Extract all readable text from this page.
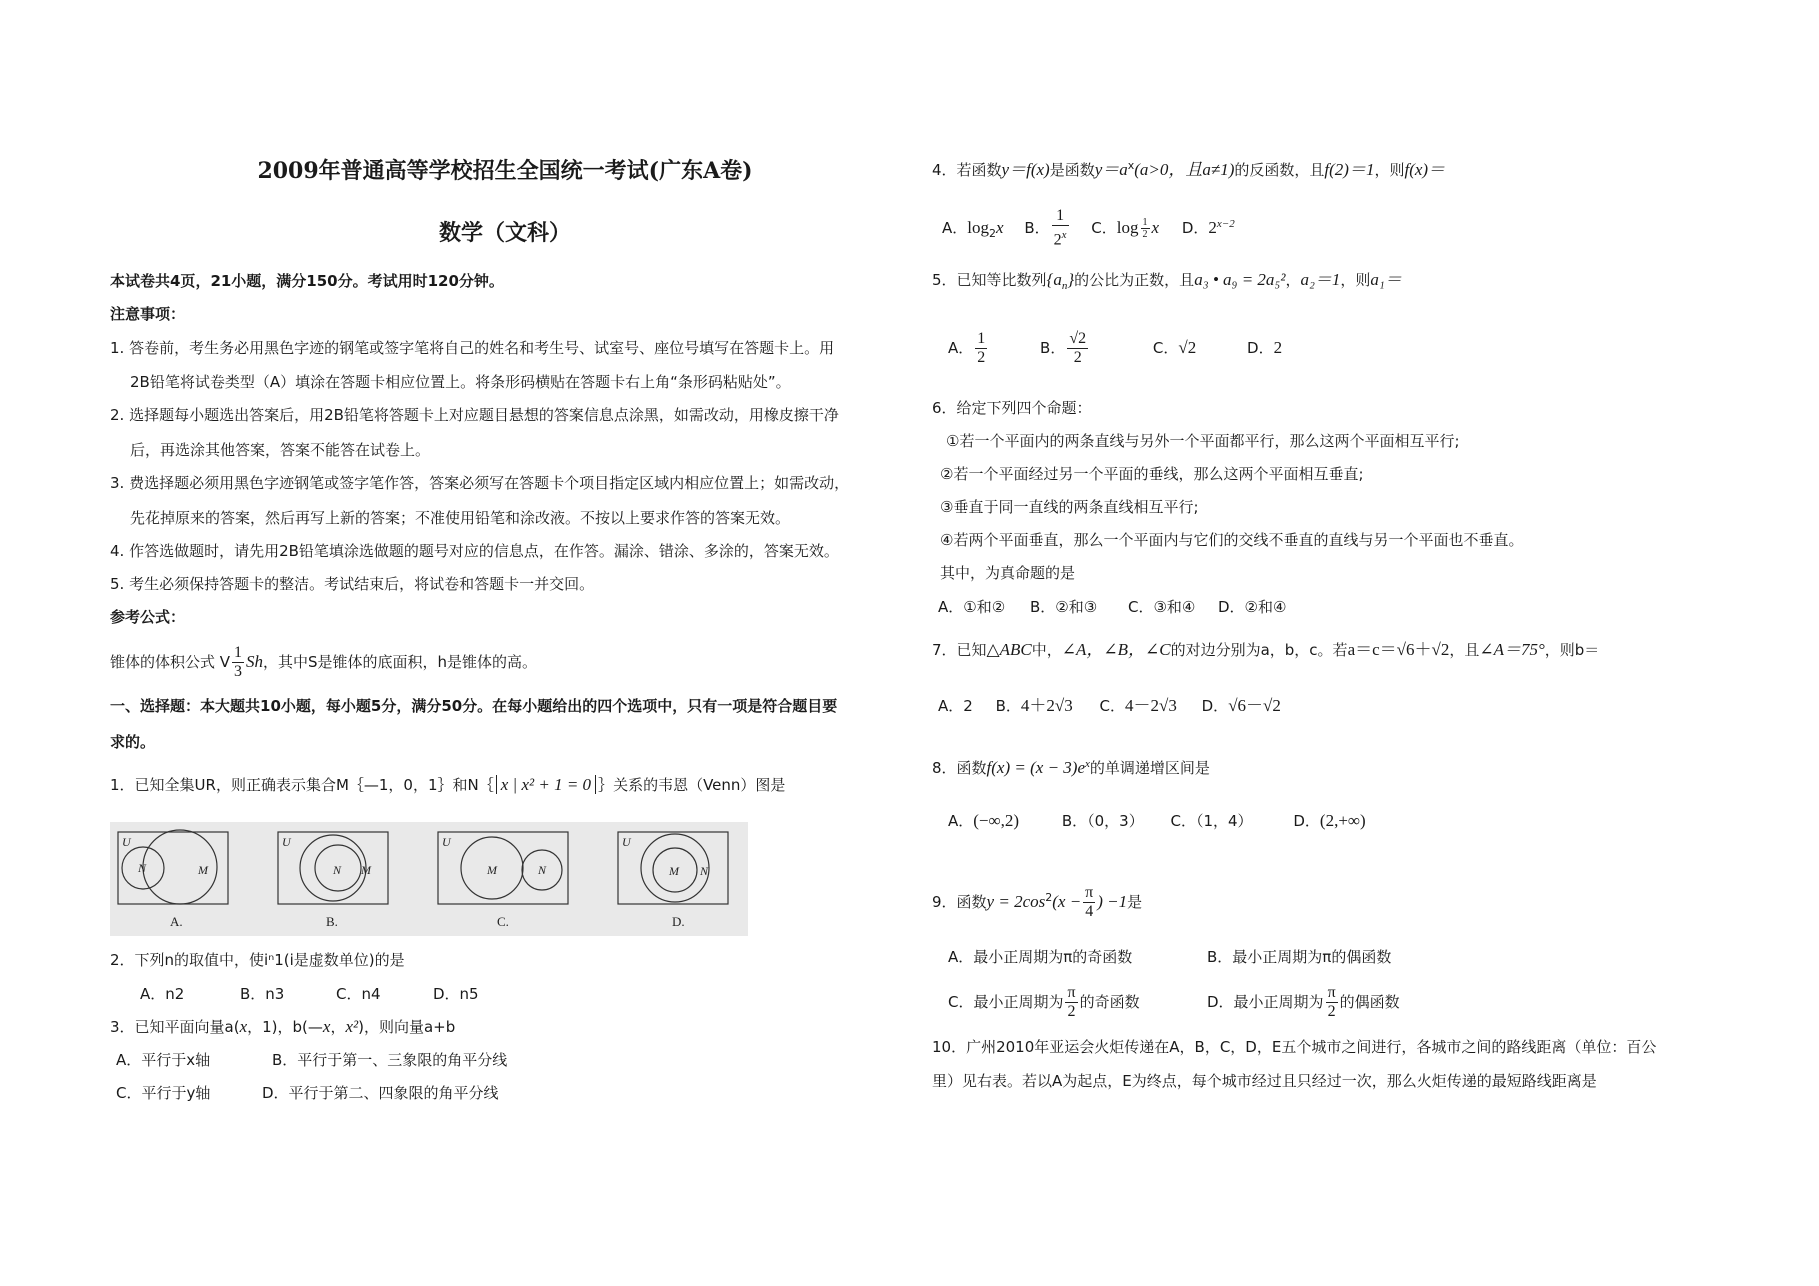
2009年普通高等学校招生全国统一考试(广东A卷)
数学（文科）
本试卷共4页，21小题，满分150分。考试用时120分钟。
注意事项：
1. 答卷前，考生务必用黑色字迹的钢笔或签字笔将自己的姓名和考生号、试室号、座位号填写在答题卡上。用
2B铅笔将试卷类型（A）填涂在答题卡相应位置上。将条形码横贴在答题卡右上角“条形码粘贴处”。
2. 选择题每小题选出答案后，用2B铅笔将答题卡上对应题目悬想的答案信息点涂黑，如需改动，用橡皮擦干净
后，再选涂其他答案，答案不能答在试卷上。
3. 费选择题必须用黑色字迹钢笔或签字笔作答，答案必须写在答题卡个项目指定区域内相应位置上；如需改动，
先花掉原来的答案，然后再写上新的答案；不准使用铅笔和涂改液。不按以上要求作答的答案无效。
4. 作答选做题时，请先用2B铅笔填涂选做题的题号对应的信息点，在作答。漏涂、错涂、多涂的，答案无效。
5. 考生必须保持答题卡的整洁。考试结束后，将试卷和答题卡一并交回。
参考公式：
锥体的体积公式 V $\frac{1}{3}$ Sh，其中S是锥体的底面积，h是锥体的高。
一、选择题：本大题共10小题，每小题5分，满分50分。在每小题给出的四个选项中，只有一项是符合题目要
求的。
1．已知全集UR，则正确表示集合M｛—1，0，1｝和N｛ x | x² + 1 = 0 ｝关系的韦恩（Venn）图是
2．下列n的取值中，使iⁿ1(i是虚数单位)的是
A．n2	B．n3	C．n4	D．n5
3．已知平面向量a(x，1)，b(—x，x²)，则向量a+b
A．平行于x轴	B．平行于第一、三象限的角平分线
C．平行于y轴	D．平行于第二、四象限的角平分线
U
N	M
U
N M
U
M	N
U
M N
A.	B.	C.	D.
4．若函数y＝f(x)是函数$y=a^x(a>0$，且a≠1)的反函数，且f(2)＝1，则f(x)＝
A．$\log_2x$ B． $\frac{1}{2^x}$ C．$\log \frac{1}{2}$ x D．$2^{x-2}$
5．已知等比数列$\{a_n\}$的公比为正数，且a₃ • a₉ = 2a₅²，a₂＝1，则a₁＝
A． $\frac{1}{2}$	B． $\frac{√2}{2}$	C．√2	D．2
6．给定下列四个命题：
①若一个平面内的两条直线与另外一个平面都平行，那么这两个平面相互平行;
②若一个平面经过另一个平面的垂线，那么这两个平面相互垂直;
③垂直于同一直线的两条直线相互平行;
④若两个平面垂直，那么一个平面内与它们的交线不垂直的直线与另一个平面也不垂直。
其中，为真命题的是
A．①和② B．②和③ C．③和④ D．②和④
7．已知△ABC中，∠A，∠B，∠C的对边分别为a，b，c。若a＝c＝√6＋√2，且∠A＝75°，则b＝
A．2 B．4＋2√3 C．4－2√3 D．√6－√2
8．函数$f(x) = (x - 3)e^x$的单调递增区间是
A．(−∞,2)	B．（0，3） C．（1，4）	D．(2,+∞)
9．函数$y = 2\cos^2(x - \frac{\pi}{4}$ ) −1是
A．最小正周期为π的奇函数	B．最小正周期为π的偶函数
C．最小正周期为 $\frac{\pi}{2}$ 的奇函数	D．最小正周期为 $\frac{\pi}{2}$ 的偶函数
10．广州2010年亚运会火炬传递在A，B，C，D，E五个城市之间进行，各城市之间的路线距离（单位：百公
里）见右表。若以A为起点，E为终点，每个城市经过且只经过一次，那么火炬传递的最短路线距离是
